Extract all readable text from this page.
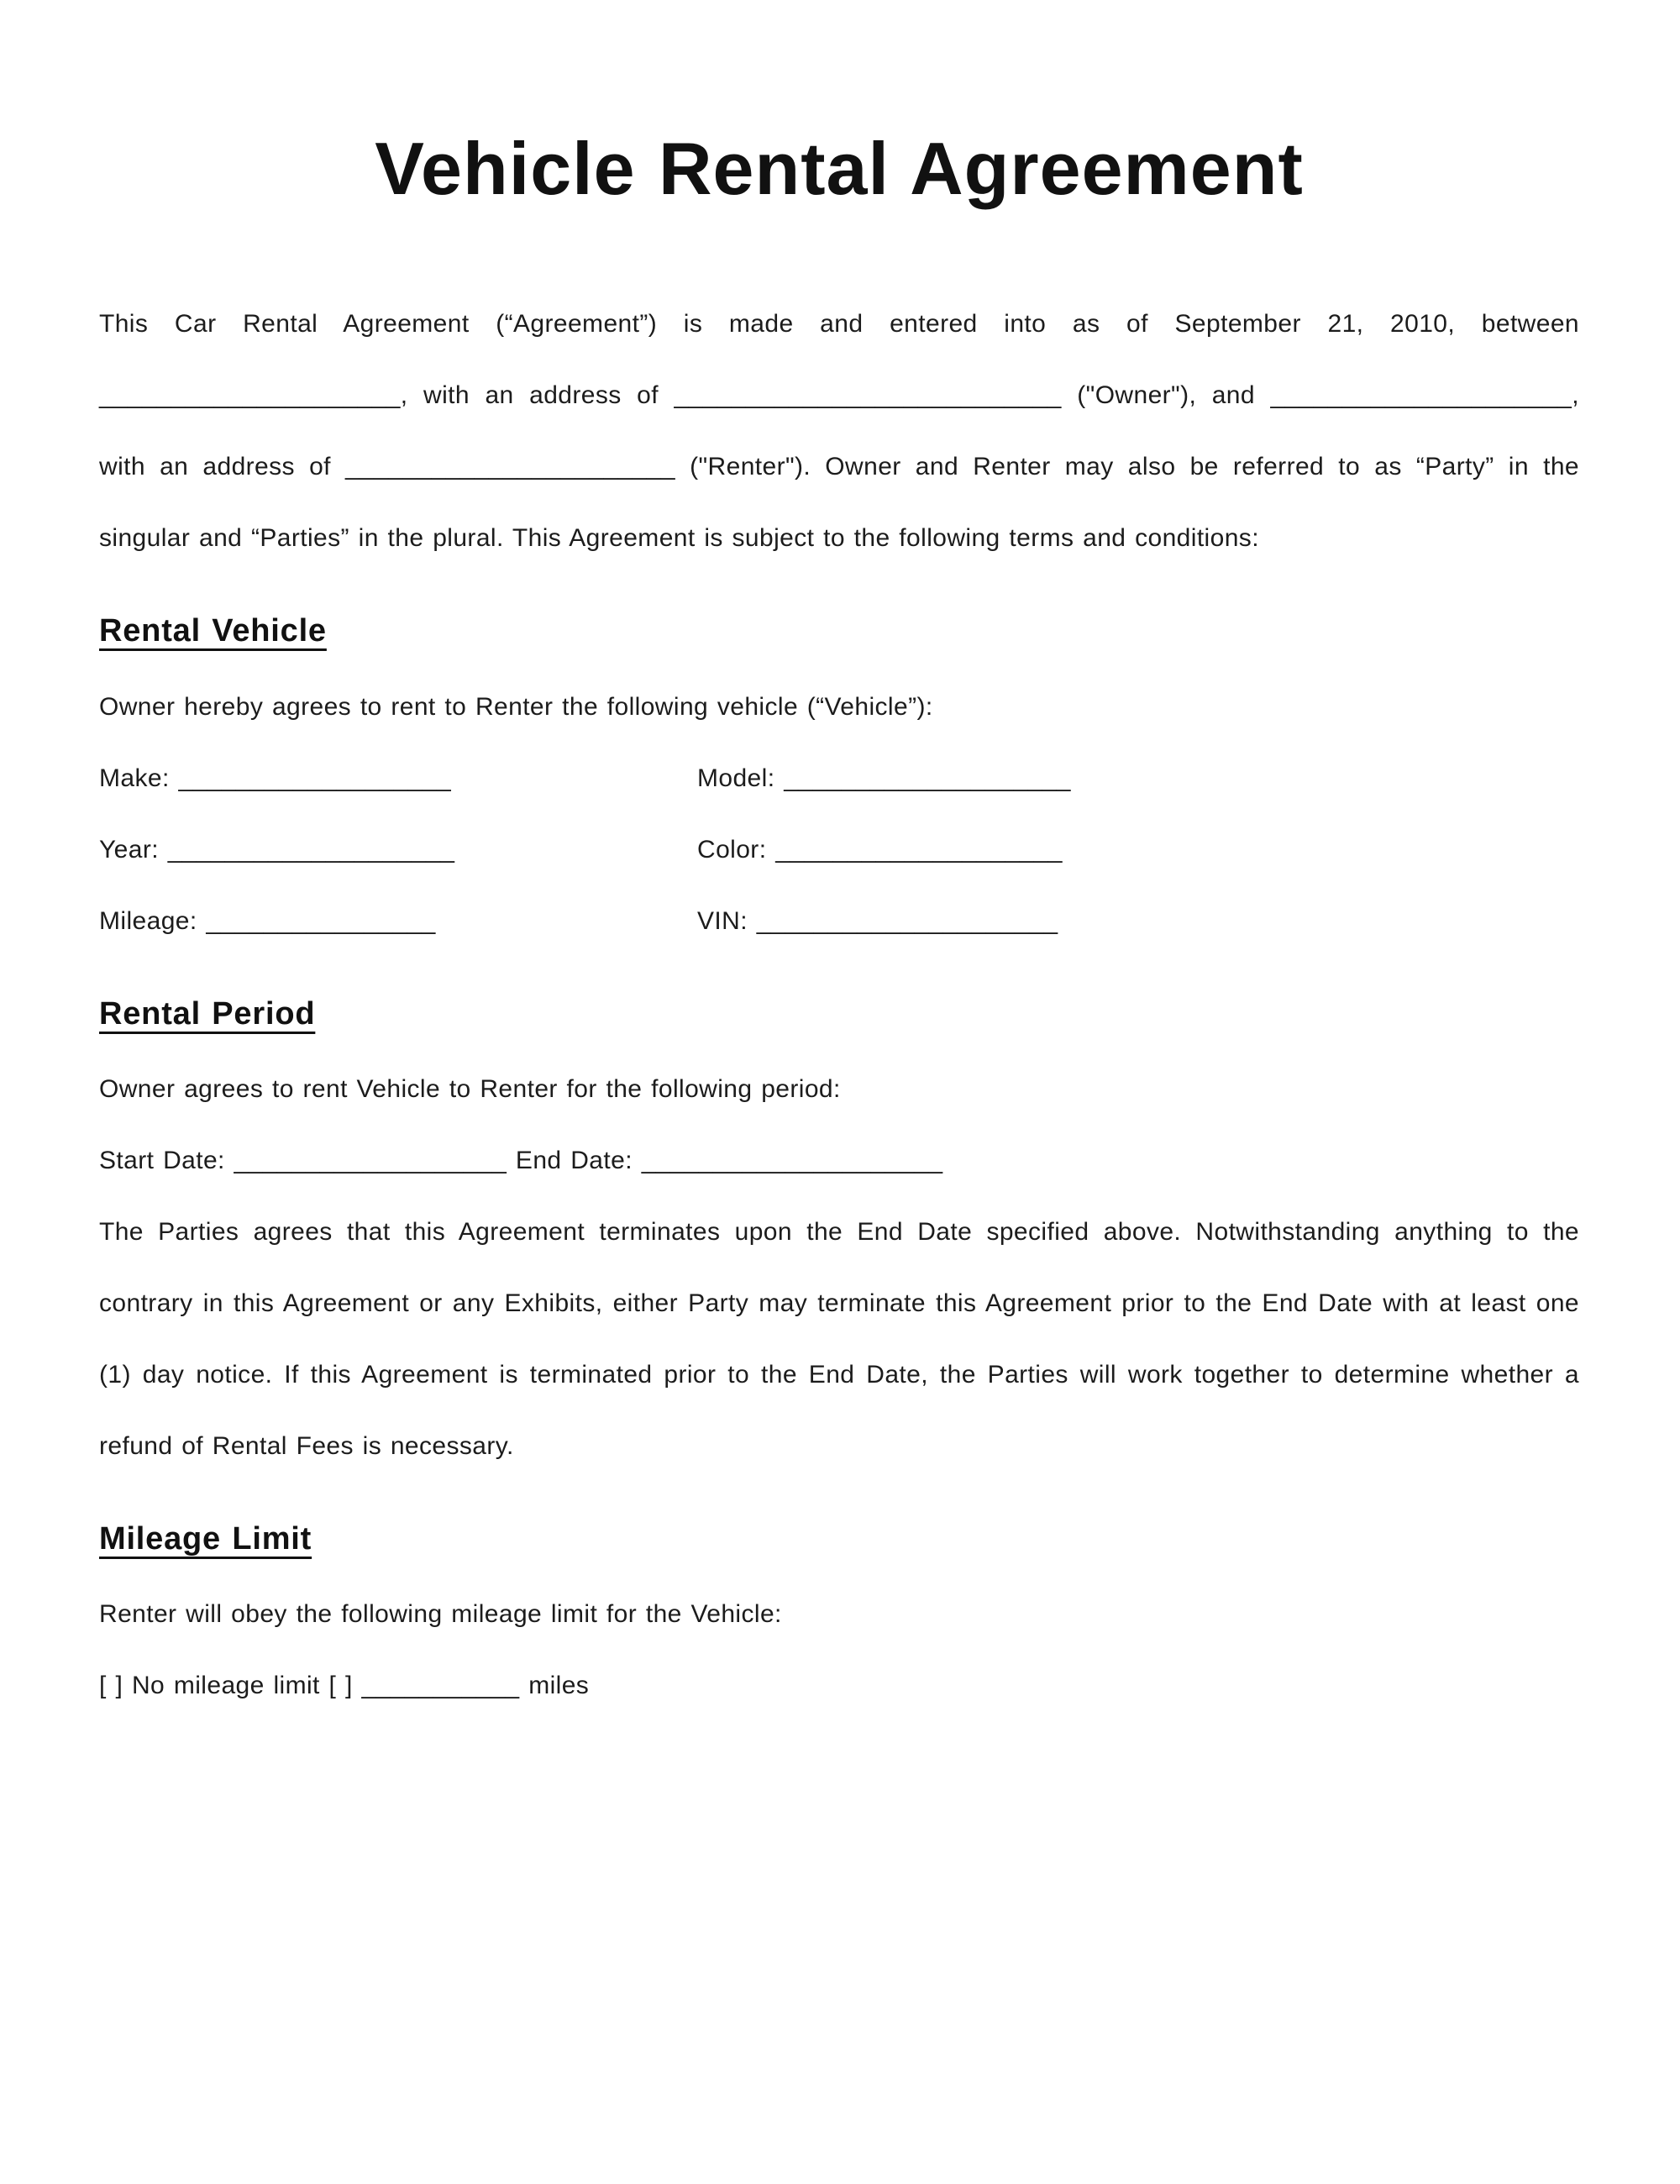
Vehicle Rental Agreement

This Car Rental Agreement (“Agreement”) is made and entered into as of September 21, 2010, between _____________________, with an address of ___________________________ ("Owner"), and _____________________, with an address of _______________________ ("Renter"). Owner and Renter may also be referred to as “Party” in the singular and “Parties” in the plural. This Agreement is subject to the following terms and conditions:

Rental Vehicle

Owner hereby agrees to rent to Renter the following vehicle (“Vehicle”):

Make: ___________________	Model: ____________________

Year: ____________________	Color: ____________________

Mileage: ________________	VIN: _____________________

Rental Period

Owner agrees to rent Vehicle to Renter for the following period:

Start Date: ___________________ End Date: _____________________

The Parties agrees that this Agreement terminates upon the End Date specified above. Notwithstanding anything to the contrary in this Agreement or any Exhibits, either Party may terminate this Agreement prior to the End Date with at least one (1) day notice. If this Agreement is terminated prior to the End Date, the Parties will work together to determine whether a refund of Rental Fees is necessary.

Mileage Limit

Renter will obey the following mileage limit for the Vehicle:

[ ] No mileage limit [ ] ___________ miles
